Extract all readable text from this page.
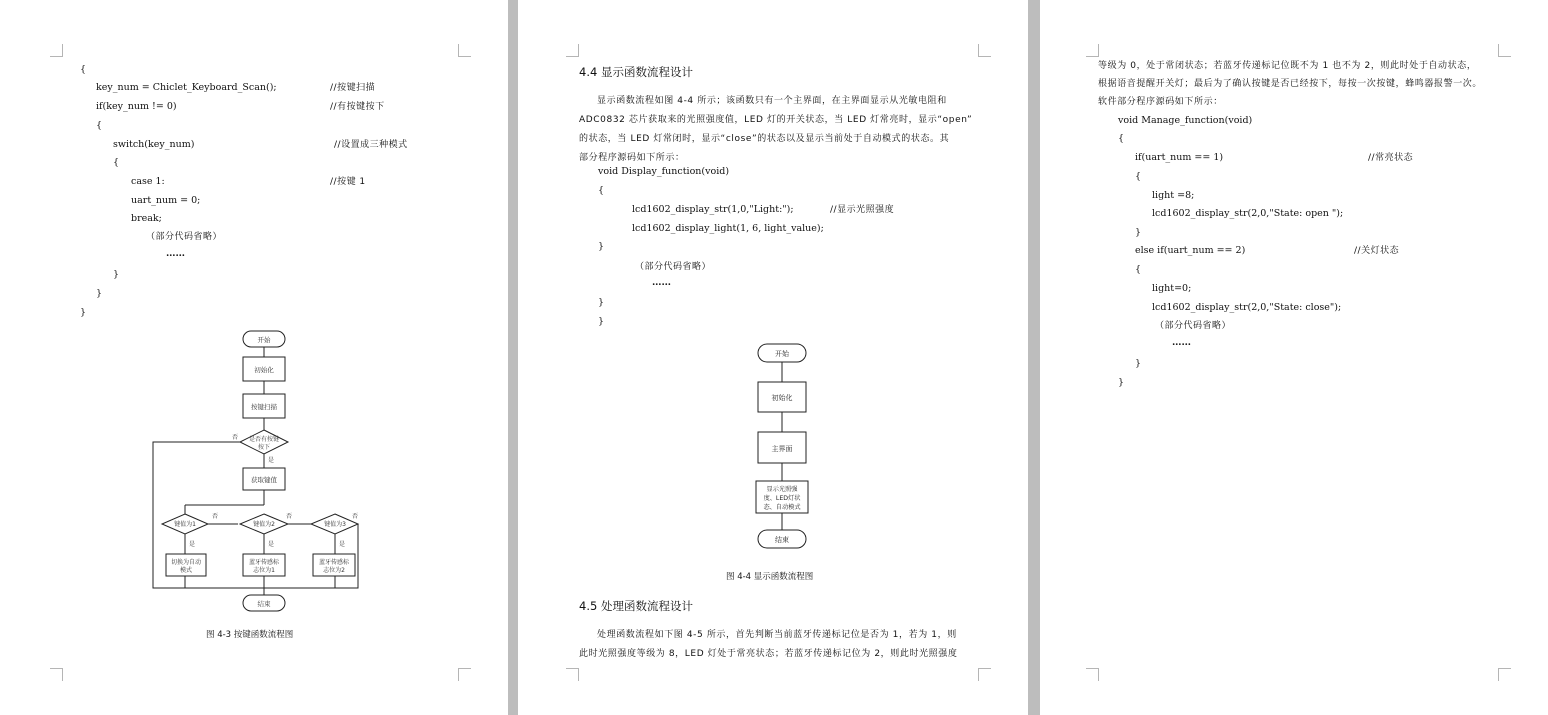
{
key_num = Chiclet_Keyboard_Scan();	//按键扫描
if(key_num != 0)	//有按键按下
{
switch(key_num)	//设置成三种模式
{
case 1:	//按键 1
uart_num = 0;
break;
（部分代码省略）
……
}
}
}
开始
初始化
按键扫描
是否有按键
按下
获取键值
键值为1	键值为2	键值为3
切换为自动
模式
蓝牙传感标
志位为1
蓝牙传感标
志位为2
结束
是
否
是	是	是
否	否	否
图 4-3 按键函数流程图
4.4 显示函数流程设计

显示函数流程如图 4-4 所示；该函数只有一个主界面，在主界面显示从光敏电阻和

ADC0832 芯片获取来的光照强度值，LED 灯的开关状态，当 LED 灯常亮时，显示“open”

的状态，当 LED 灯常闭时，显示“close”的状态以及显示当前处于自动模式的状态。其

部分程序源码如下所示：

void Display_function(void)
{
lcd1602_display_str(1,0,"Light:");	//显示光照强度
lcd1602_display_light(1, 6, light_value);
}
（部分代码省略）
……
}
}
开始
初始化
主界面
显示光照强
度、LED灯状
态、自动模式
结束
图 4-4 显示函数流程图
4.5 处理函数流程设计

处理函数流程如下图 4-5 所示，首先判断当前蓝牙传递标记位是否为 1，若为 1，则

此时光照强度等级为 8，LED 灯处于常亮状态；若蓝牙传递标记位为 2，则此时光照强度

等级为 0，处于常闭状态；若蓝牙传递标记位既不为 1 也不为 2，则此时处于自动状态，

根据语音提醒开关灯；最后为了确认按键是否已经按下，每按一次按键，蜂鸣器报警一次。

软件部分程序源码如下所示：

void Manage_function(void)
{
if(uart_num == 1)	//常亮状态
{
light =8;
lcd1602_display_str(2,0,"State: open ");
}
else if(uart_num == 2)	//关灯状态
{
light=0;
lcd1602_display_str(2,0,"State: close");
（部分代码省略）
……
}
}
